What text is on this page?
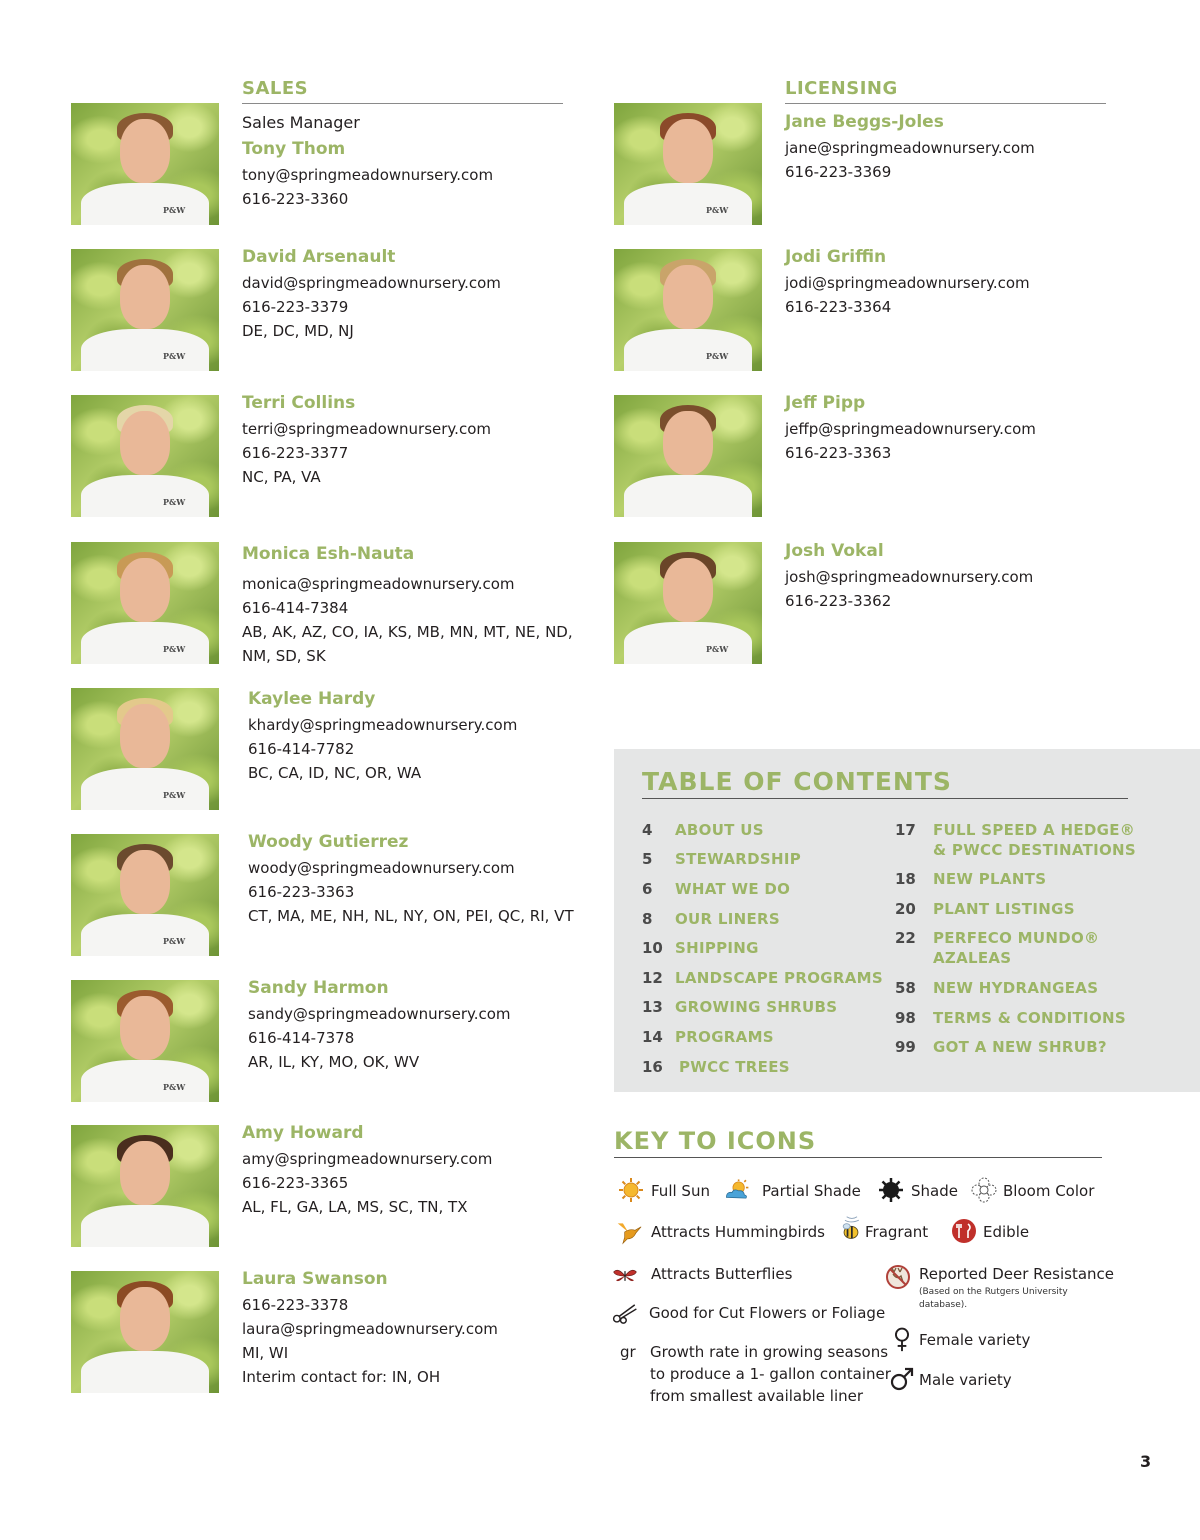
SALES
P&W
P&W
P&W
P&W
P&W
P&W
P&W
Sales Manager
Tony Thom
tony@springmeadownursery.com
616-223-3360
David Arsenault
david@springmeadownursery.com
616-223-3379
DE, DC, MD, NJ
Terri Collins
terri@springmeadownursery.com
616-223-3377
NC, PA, VA
Monica Esh-Nauta
monica@springmeadownursery.com
616-414-7384
AB, AK, AZ, CO, IA, KS, MB, MN, MT, NE, ND,
NM, SD, SK
Kaylee Hardy
khardy@springmeadownursery.com
616-414-7782
BC, CA, ID, NC, OR, WA
Woody Gutierrez
woody@springmeadownursery.com
616-223-3363
CT, MA, ME, NH, NL, NY, ON, PEI, QC, RI, VT
Sandy Harmon
sandy@springmeadownursery.com
616-414-7378
AR, IL, KY, MO, OK, WV
Amy Howard
amy@springmeadownursery.com
616-223-3365
AL, FL, GA, LA, MS, SC, TN, TX
Laura Swanson
616-223-3378
laura@springmeadownursery.com
MI, WI
Interim contact for: IN, OH
LICENSING
P&W
P&W
P&W
Jane Beggs-Joles
jane@springmeadownursery.com
616-223-3369
Jodi Griffin
jodi@springmeadownursery.com
616-223-3364
Jeff Pipp
jeffp@springmeadownursery.com
616-223-3363
Josh Vokal
josh@springmeadownursery.com
616-223-3362
TABLE OF CONTENTS
4	ABOUT US
5	STEWARDSHIP
6	WHAT WE DO
8	OUR LINERS
10 SHIPPING
12 LANDSCAPE PROGRAMS
13 GROWING SHRUBS
14 PROGRAMS
16	PWCC TREES
17	FULL SPEED A HEDGE®
& PWCC DESTINATIONS
18	NEW PLANTS
20	PLANT LISTINGS
22	PERFECO MUNDO®
AZALEAS
58	NEW HYDRANGEAS
98	TERMS & CONDITIONS
99	GOT A NEW SHRUB?
KEY TO ICONS
Full Sun	Partial Shade	Shade	Bloom Color
Attracts Hummingbirds	Fragrant	Edible
Attracts Butterflies	Reported Deer Resistance
(Based on the Rutgers University
database).
Good for Cut Flowers or Foliage
gr Growth rate in growing seasons
to produce a 1- gallon container
from smallest available liner
Female variety
Male variety
3
